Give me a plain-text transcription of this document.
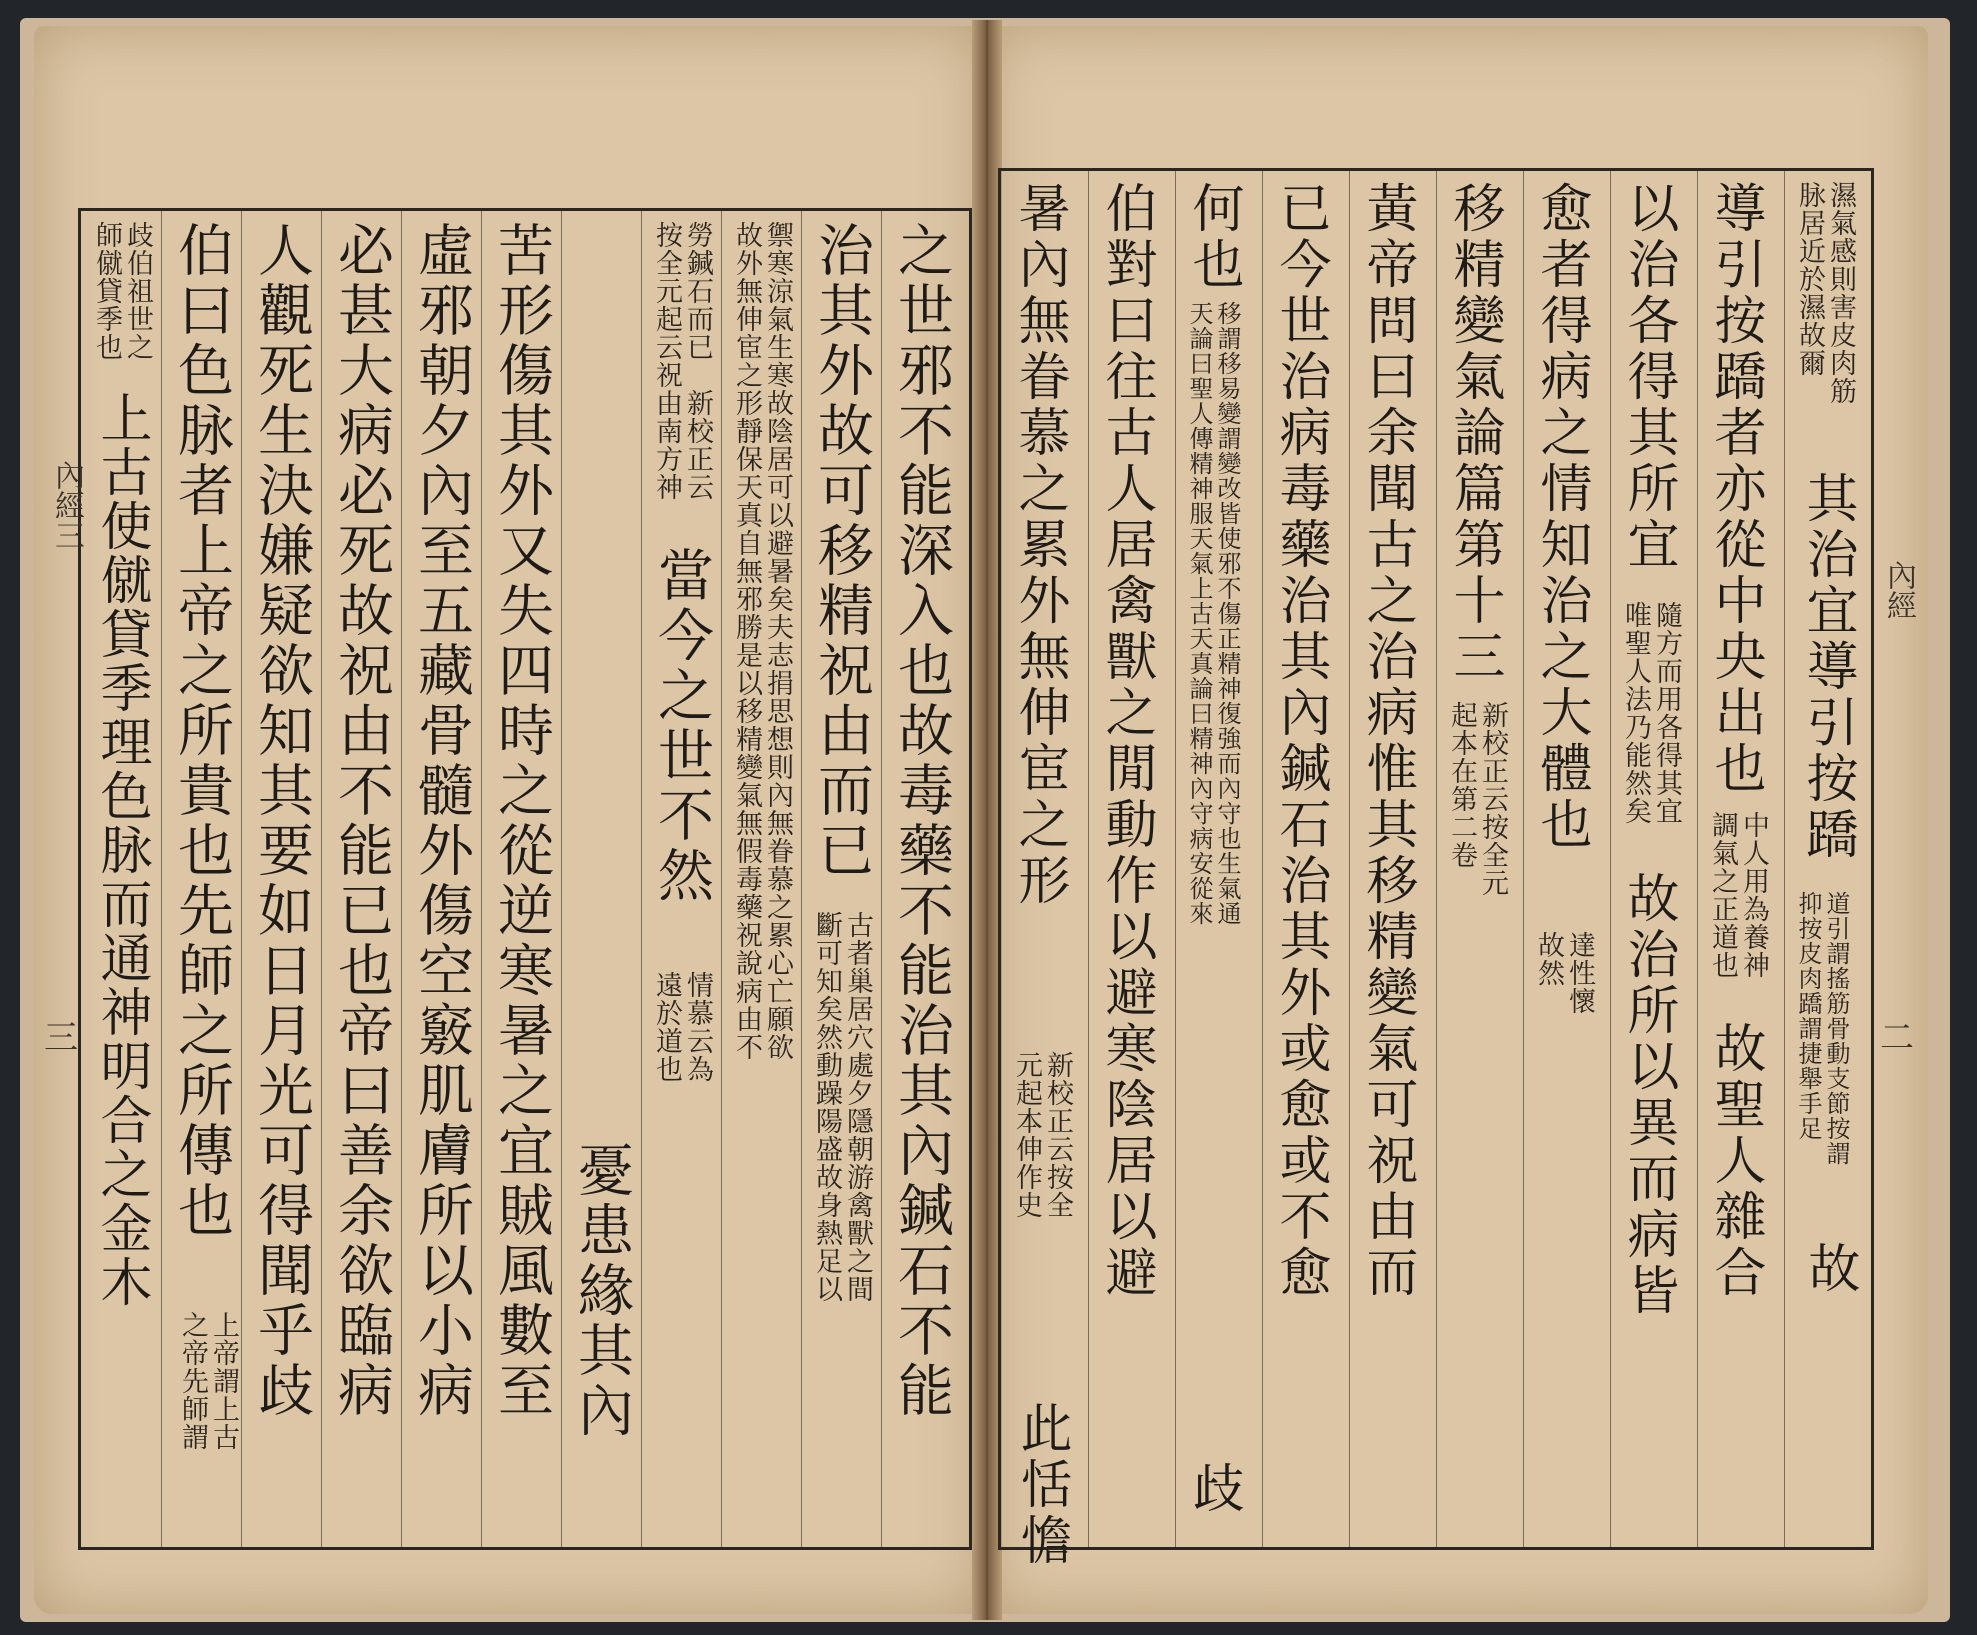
之世邪不能深入也故毒藥不能治其內鍼石不能
治其外故可移精祝由而已
古者巢居穴處夕隱朝游禽獸之間
斷可知矣然動躁陽盛故身熱足以
禦寒涼氣生寒故陰居可以避暑矣夫志捐思想則內無眷慕之累心亡願欲
故外無伸宦之形靜保天真自無邪勝是以移精變氣無假毒藥祝說病由不
勞鍼石而已　新校正云
按全元起云祝由南方神
當今之世不然
情慕云為
遠於道也
憂患緣其內
苦形傷其外又失四時之從逆寒暑之宜賊風數至
虛邪朝夕內至五藏骨髓外傷空竅肌膚所以小病
必甚大病必死故祝由不能已也帝曰善余欲臨病
人觀死生決嫌疑欲知其要如日月光可得聞乎歧
伯曰色脉者上帝之所貴也先師之所傳也
上帝謂上古
之帝先師謂
歧伯祖世之
師僦貸季也
上古使僦貸季理色脉而通神明合之金木
內經三
三
濕氣感則害皮肉筋
脉居近於濕故爾
其治宜導引按蹻
道引謂搖筋骨動支節按謂
抑按皮肉蹻謂捷舉手足
故
導引按蹻者亦從中央出也
中人用為養神
調氣之正道也
故聖人雜合
以治各得其所宜
隨方而用各得其宜
唯聖人法乃能然矣
故治所以異而病皆
愈者得病之情知治之大體也
達性懷
故然
移精變氣論篇第十三
新校正云按全元
起本在第二卷
黃帝問曰余聞古之治病惟其移精變氣可祝由而
已今世治病毒藥治其內鍼石治其外或愈或不愈
何也
移謂移易變謂變改皆使邪不傷正精神復強而內守也生氣通
天論曰聖人傳精神服天氣上古天真論曰精神內守病安從來
歧
伯對曰往古人居禽獸之閒動作以避寒陰居以避
暑內無眷慕之累外無伸宦之形
新校正云按全
元起本伸作史
此恬憺
內經
二
